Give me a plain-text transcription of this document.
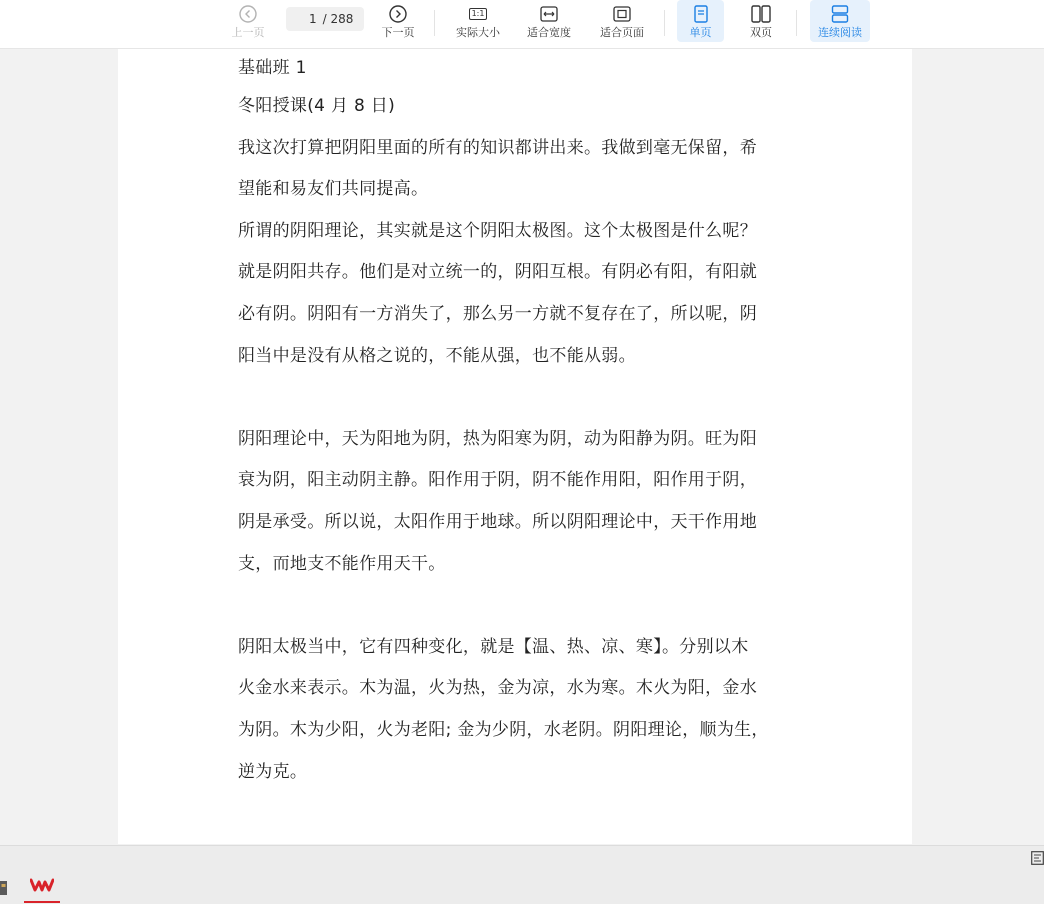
上一页
1
/ 288
下一页
1:1
实际大小 适合宽度	适合页面	单页	双页	连续阅读

基础班 1

冬阳授课(4 月 8 日)

我这次打算把阴阳里面的所有的知识都讲出来。我做到毫无保留，希

望能和易友们共同提高。

所谓的阴阳理论，其实就是这个阴阳太极图。这个太极图是什么呢？

就是阴阳共存。他们是对立统一的，阴阳互根。有阴必有阳，有阳就

必有阴。阴阳有一方消失了，那么另一方就不复存在了，所以呢，阴

阳当中是没有从格之说的，不能从强，也不能从弱。

阴阳理论中，天为阳地为阴，热为阳寒为阴，动为阳静为阴。旺为阳

衰为阴，阳主动阴主静。阳作用于阴，阴不能作用阳，阳作用于阴，

阴是承受。所以说，太阳作用于地球。所以阴阳理论中，天干作用地

支，而地支不能作用天干。

阴阳太极当中，它有四种变化，就是【温、热、凉、寒】。分别以木

火金水来表示。木为温，火为热，金为凉，水为寒。木火为阳，金水

为阴。木为少阳，火为老阳; 金为少阴，水老阴。阴阳理论，顺为生，

逆为克。
